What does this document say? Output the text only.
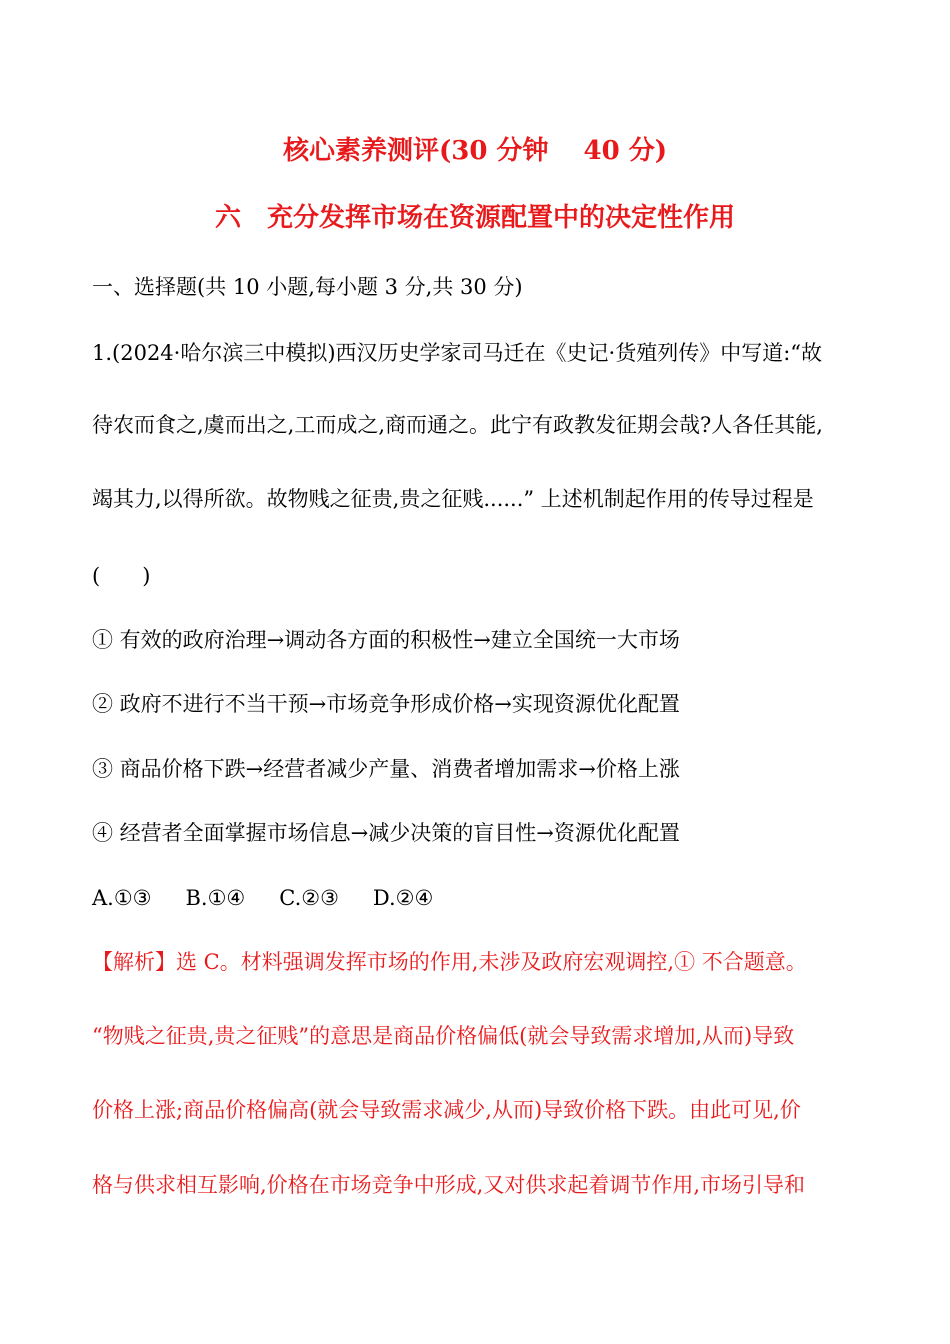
核心素养测评(30 分钟　 40 分)
六　充分发挥市场在资源配置中的决定性作用
一、选择题(共 10 小题,每小题 3 分,共 30 分)
1.(2024·哈尔滨三中模拟)西汉历史学家司马迁在《史记·货殖列传》中写道:“故
待农而食之,虞而出之,工而成之,商而通之。此宁有政教发征期会哉?人各任其能,
竭其力,以得所欲。故物贱之征贵,贵之征贱......” 上述机制起作用的传导过程是
(　　)
① 有效的政府治理→调动各方面的积极性→建立全国统一大市场
② 政府不进行不当干预→市场竞争形成价格→实现资源优化配置
③ 商品价格下跌→经营者减少产量、消费者增加需求→价格上涨
④ 经营者全面掌握市场信息→减少决策的盲目性→资源优化配置
A.①③ B.①④ C.②③ D.②④
【解析】选 C。材料强调发挥市场的作用,未涉及政府宏观调控,① 不合题意。
“物贱之征贵,贵之征贱”的意思是商品价格偏低(就会导致需求增加,从而)导致
价格上涨;商品价格偏高(就会导致需求减少,从而)导致价格下跌。由此可见,价
格与供求相互影响,价格在市场竞争中形成,又对供求起着调节作用,市场引导和
